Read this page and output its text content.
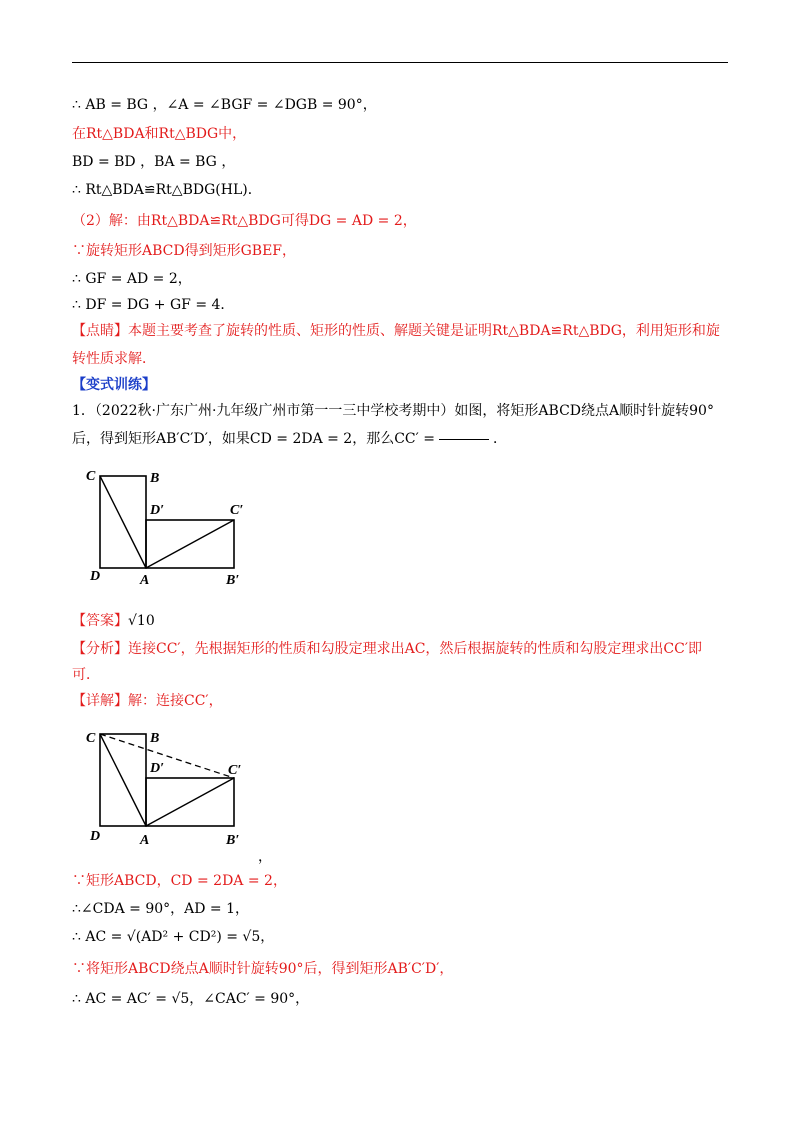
∴ AB = BG ，∠A = ∠BGF = ∠DGB = 90°，
在Rt△BDA和Rt△BDG中，
BD = BD ，BA = BG ，
∴ Rt△BDA≌Rt△BDG(HL)．
（2）解：由Rt△BDA≌Rt△BDG可得DG = AD = 2，
∵旋转矩形ABCD得到矩形GBEF，
∴ GF = AD = 2，
∴ DF = DG + GF = 4．
【点睛】本题主要考查了旋转的性质、矩形的性质、解题关键是证明Rt△BDA≌Rt△BDG，利用矩形和旋
转性质求解．
【变式训练】
1．（2022秋·广东广州·九年级广州市第一一三中学校考期中）如图，将矩形ABCD绕点A顺时针旋转90°
后，得到矩形AB′C′D′，如果CD = 2DA = 2，那么CC′ =	．
C	B
D′	C′
D	A	B′
【答案】√10
【分析】连接CC′，先根据矩形的性质和勾股定理求出AC，然后根据旋转的性质和勾股定理求出CC′即
可．
【详解】解：连接CC′，
C	B
D′	C′
D	A	B′
，
∵矩形ABCD，CD = 2DA = 2，
∴∠CDA = 90°，AD = 1，
∴ AC = √(AD² + CD²) = √5，
∵将矩形ABCD绕点A顺时针旋转90°后，得到矩形AB′C′D′，
∴ AC = AC′ = √5，∠CAC′ = 90°，
